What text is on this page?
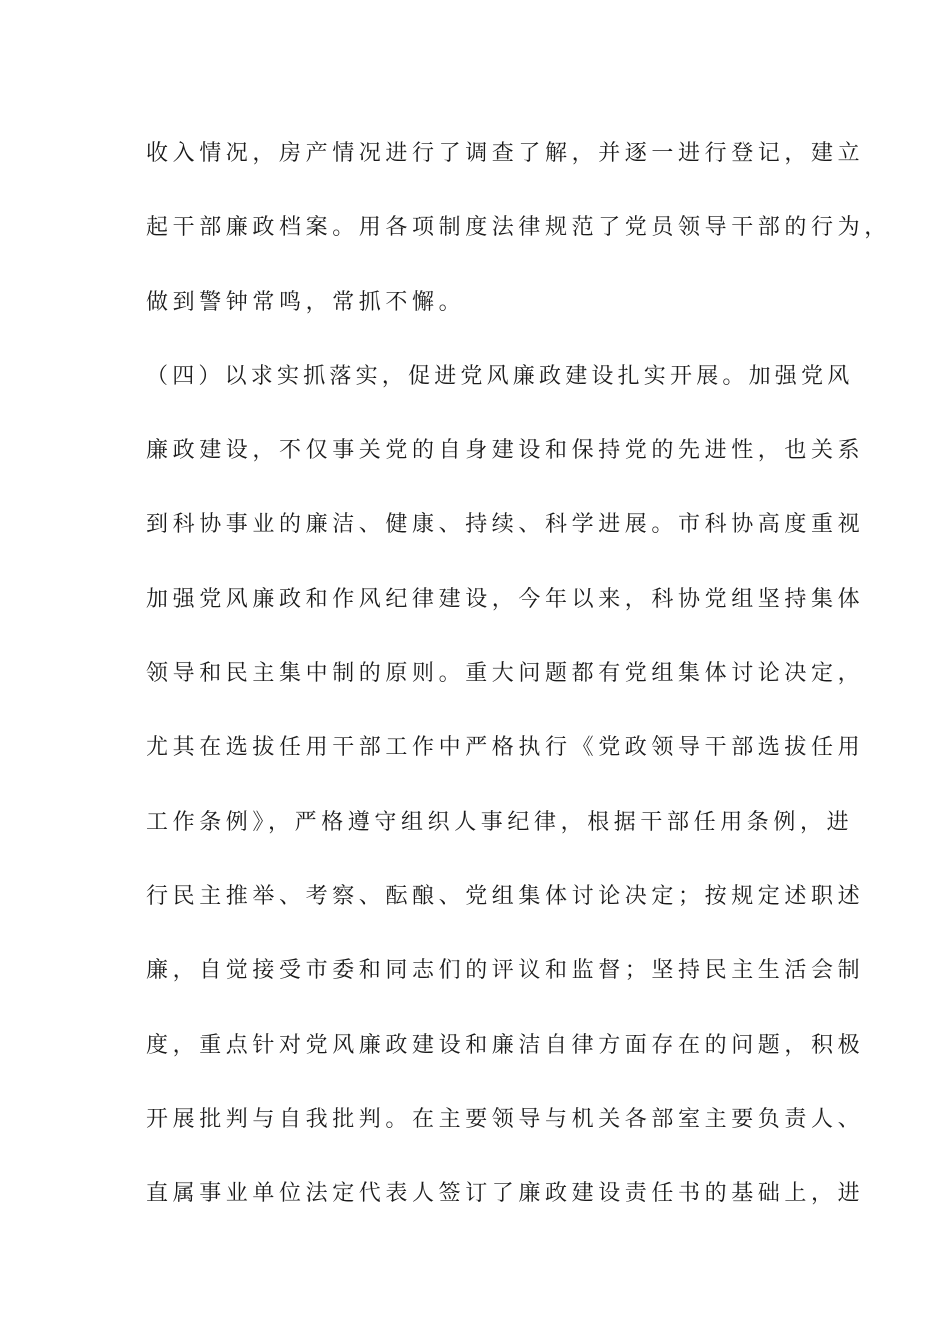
收入情况，房产情况进行了调查了解，并逐一进行登记，建立
起干部廉政档案。用各项制度法律规范了党员领导干部的行为，
做到警钟常鸣，常抓不懈。
（四）以求实抓落实，促进党风廉政建设扎实开展。加强党风
廉政建设，不仅事关党的自身建设和保持党的先进性，也关系
到科协事业的廉洁、健康、持续、科学进展。市科协高度重视
加强党风廉政和作风纪律建设，今年以来，科协党组坚持集体
领导和民主集中制的原则。重大问题都有党组集体讨论决定，
尤其在选拔任用干部工作中严格执行《党政领导干部选拔任用
工作条例》，严格遵守组织人事纪律，根据干部任用条例，进
行民主推举、考察、酝酿、党组集体讨论决定；按规定述职述
廉，自觉接受市委和同志们的评议和监督；坚持民主生活会制
度，重点针对党风廉政建设和廉洁自律方面存在的问题，积极
开展批判与自我批判。在主要领导与机关各部室主要负责人、
直属事业单位法定代表人签订了廉政建设责任书的基础上，进
